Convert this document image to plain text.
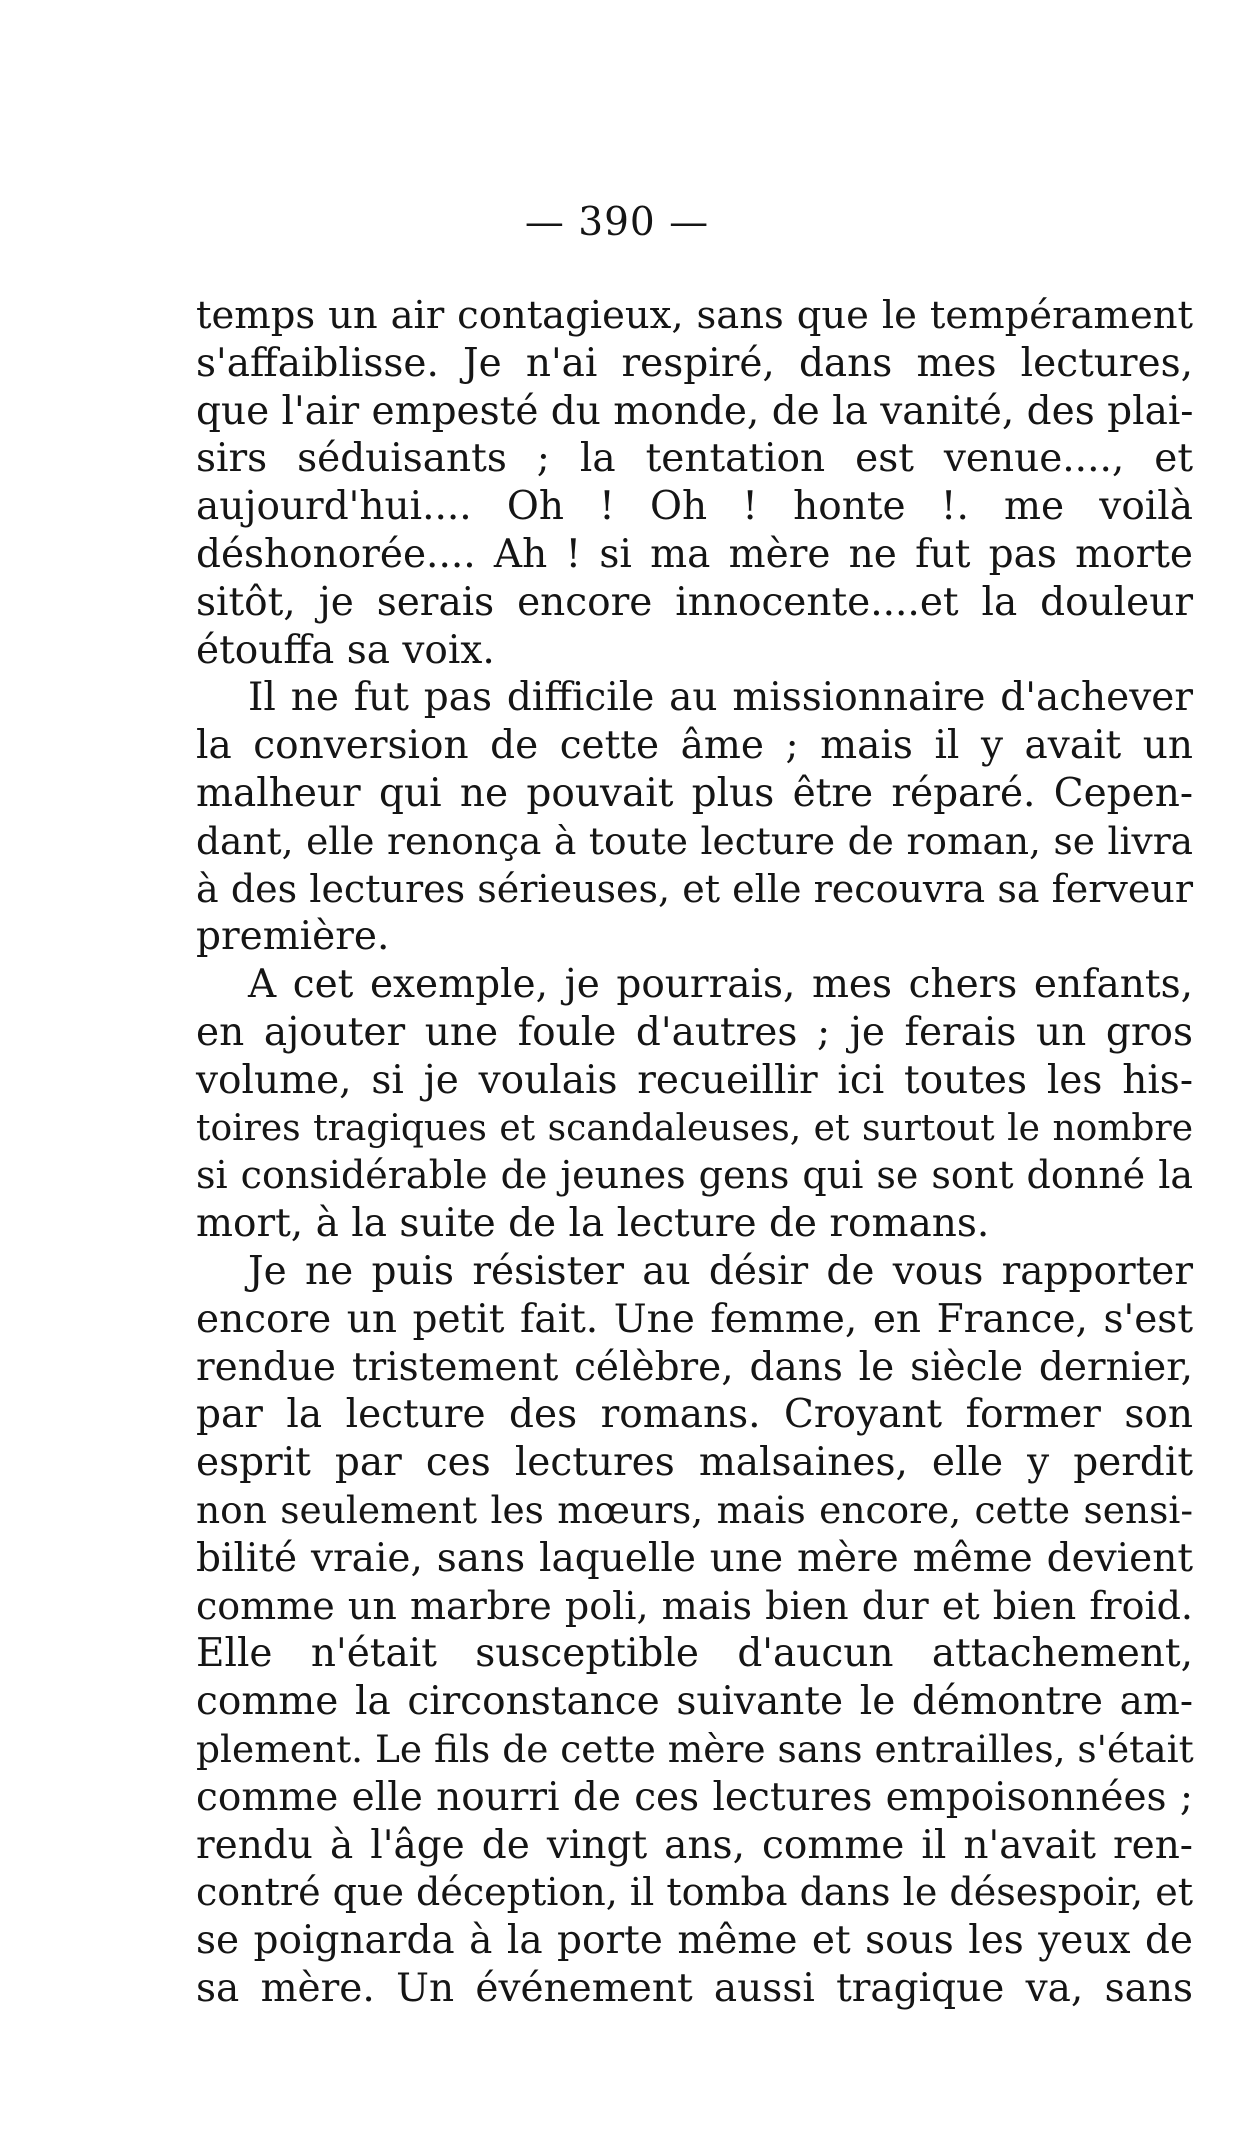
— 390 —
temps un air contagieux, sans que le tempérament
s'affaiblisse. Je n'ai respiré, dans mes lectures,
que l'air empesté du monde, de la vanité, des plai-
sirs séduisants ; la tentation est venue...., et
aujourd'hui.... Oh ! Oh ! honte !. me voilà
déshonorée.... Ah ! si ma mère ne fut pas morte
sitôt, je serais encore innocente....et la douleur
étouffa sa voix.
Il ne fut pas difficile au missionnaire d'achever
la conversion de cette âme ; mais il y avait un
malheur qui ne pouvait plus être réparé. Cepen-
dant, elle renonça à toute lecture de roman, se livra
à des lectures sérieuses, et elle recouvra sa ferveur
première.
A cet exemple, je pourrais, mes chers enfants,
en ajouter une foule d'autres ; je ferais un gros
volume, si je voulais recueillir ici toutes les his-
toires tragiques et scandaleuses, et surtout le nombre
si considérable de jeunes gens qui se sont donné la
mort, à la suite de la lecture de romans.
Je ne puis résister au désir de vous rapporter
encore un petit fait. Une femme, en France, s'est
rendue tristement célèbre, dans le siècle dernier,
par la lecture des romans. Croyant former son
esprit par ces lectures malsaines, elle y perdit
non seulement les mœurs, mais encore, cette sensi-
bilité vraie, sans laquelle une mère même devient
comme un marbre poli, mais bien dur et bien froid.
Elle n'était susceptible d'aucun attachement,
comme la circonstance suivante le démontre am-
plement. Le fils de cette mère sans entrailles, s'était
comme elle nourri de ces lectures empoisonnées ;
rendu à l'âge de vingt ans, comme il n'avait ren-
contré que déception, il tomba dans le désespoir, et
se poignarda à la porte même et sous les yeux de
sa mère. Un événement aussi tragique va, sans
